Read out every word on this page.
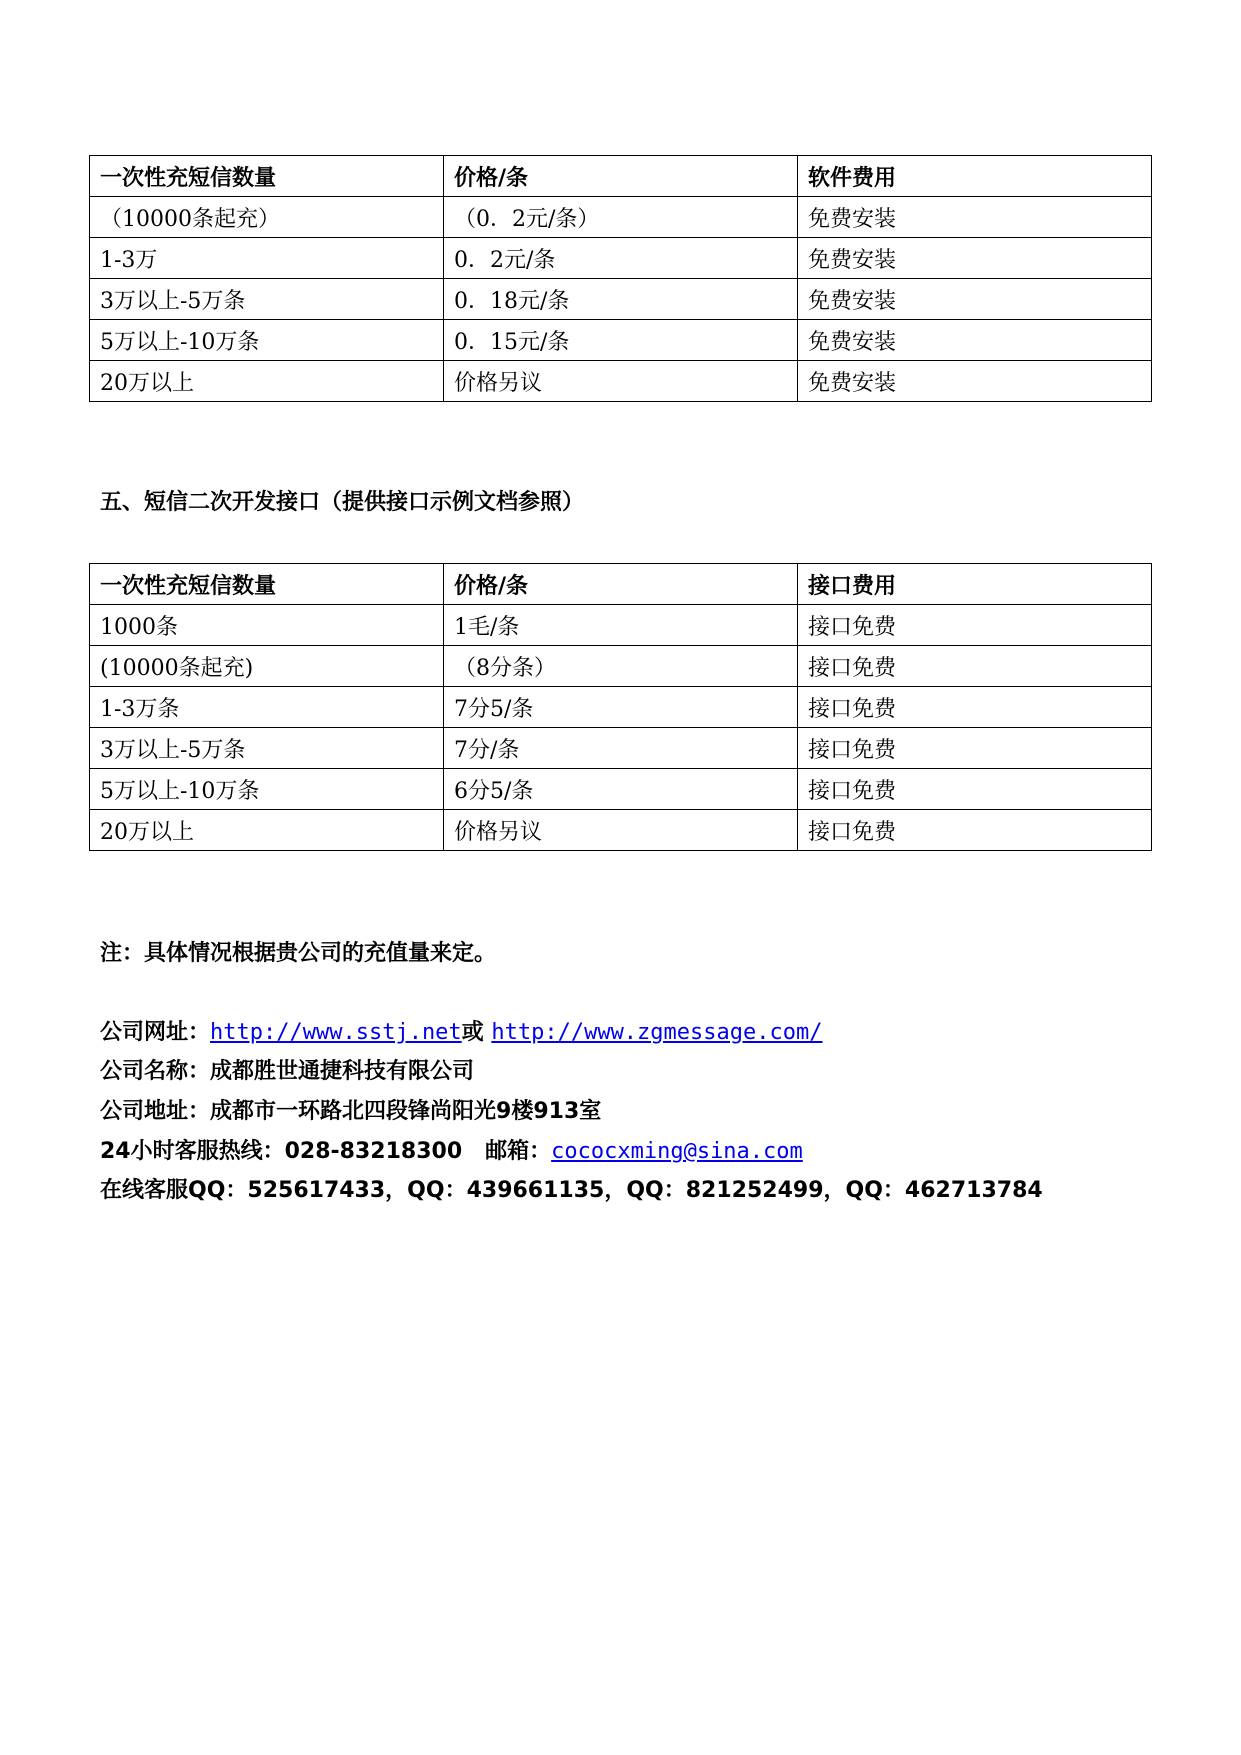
一次性充短信数量	价格/条	软件费用
（10000条起充）	（0．2元/条）	免费安装
1-3万	0．2元/条	免费安装
3万以上-5万条	0．18元/条	免费安装
5万以上-10万条	0．15元/条	免费安装
20万以上	价格另议	免费安装
五、短信二次开发接口（提供接口示例文档参照）
一次性充短信数量	价格/条	接口费用
1000条	1毛/条	接口免费
(10000条起充)	（8分条）	接口免费
1-3万条	7分5/条	接口免费
3万以上-5万条	7分/条	接口免费
5万以上-10万条	6分5/条	接口免费
20万以上	价格另议	接口免费
注：具体情况根据贵公司的充值量来定。
公司网址：http://www.sstj.net或 http://www.zgmessage.com/
公司名称：成都胜世通捷科技有限公司
公司地址：成都市一环路北四段锋尚阳光9楼913室
24小时客服热线：028-83218300   邮箱：cococxming@sina.com
在线客服QQ：525617433，QQ：439661135，QQ：821252499，QQ：462713784
